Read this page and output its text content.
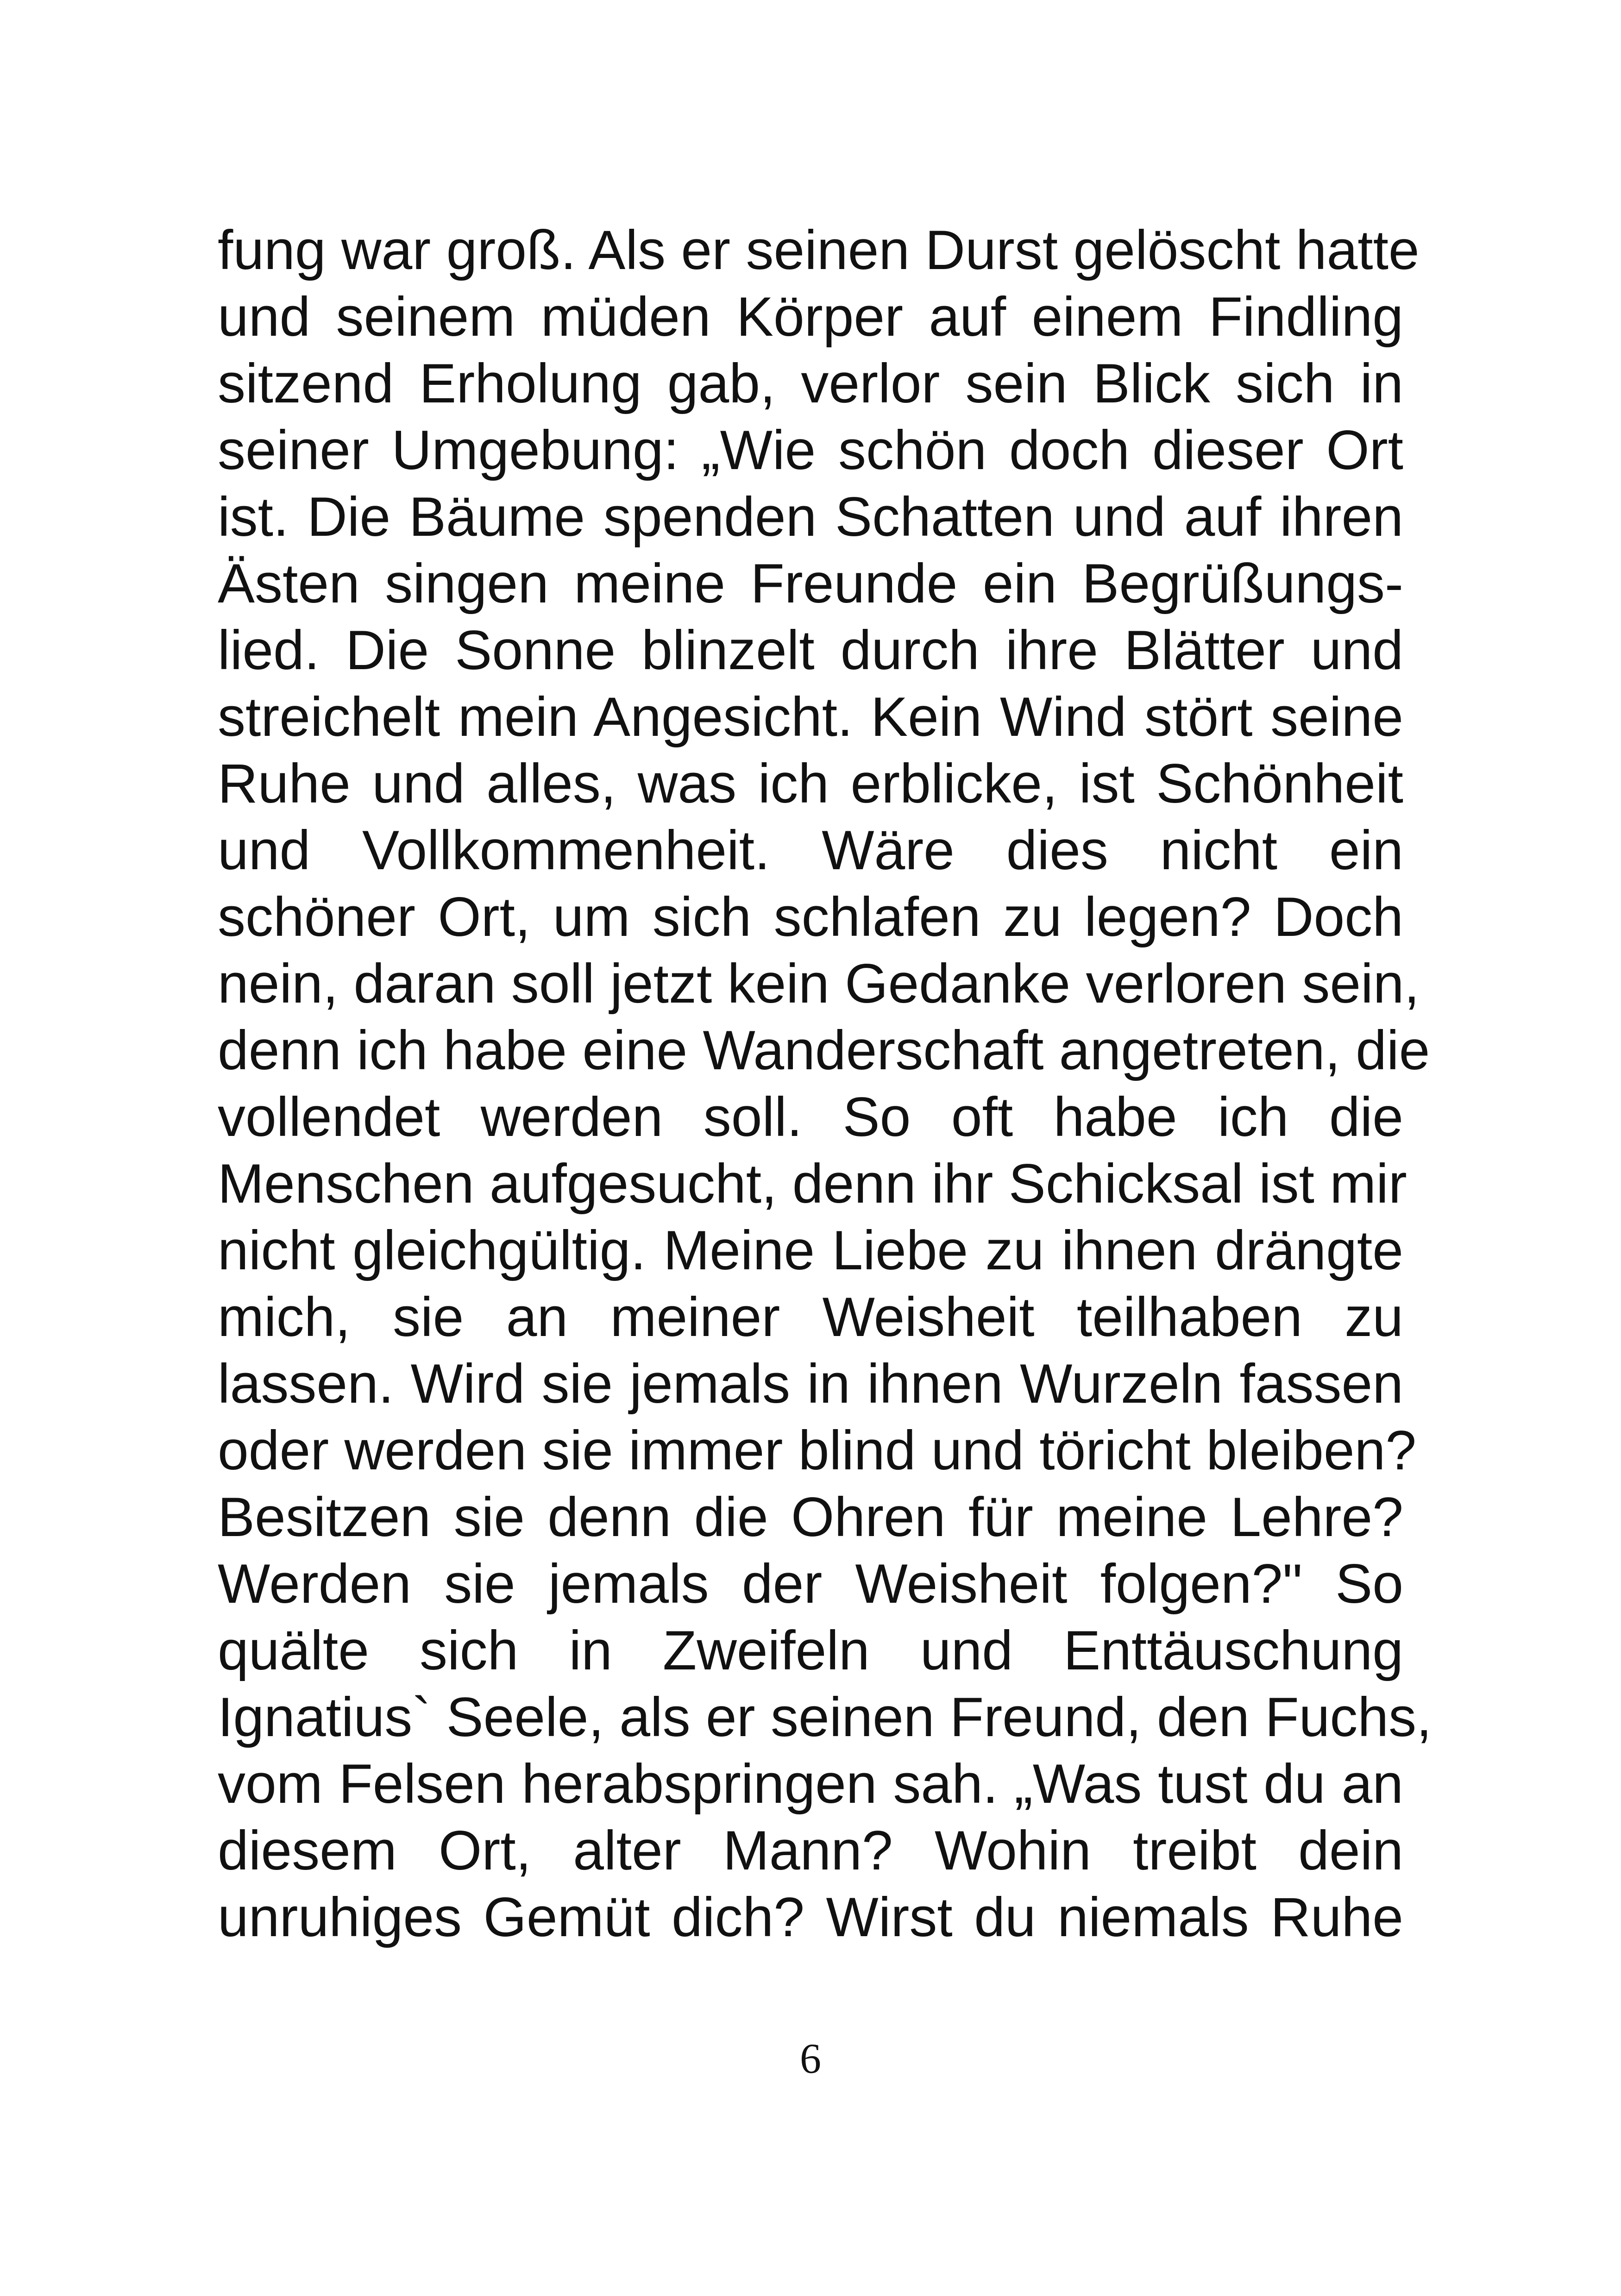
fung war groß. Als er seinen Durst gelöscht hatte
und seinem müden Körper auf einem Findling
sitzend Erholung gab, verlor sein Blick sich in
seiner Umgebung: „Wie schön doch dieser Ort
ist. Die Bäume spenden Schatten und auf ihren
Ästen singen meine Freunde ein Begrüßungs-
lied. Die Sonne blinzelt durch ihre Blätter und
streichelt mein Angesicht. Kein Wind stört seine
Ruhe und alles, was ich erblicke, ist Schönheit
und Vollkommenheit. Wäre dies nicht ein
schöner Ort, um sich schlafen zu legen? Doch
nein, daran soll jetzt kein Gedanke verloren sein,
denn ich habe eine Wanderschaft angetreten, die
vollendet werden soll. So oft habe ich die
Menschen aufgesucht, denn ihr Schicksal ist mir
nicht gleichgültig. Meine Liebe zu ihnen drängte
mich, sie an meiner Weisheit teilhaben zu
lassen. Wird sie jemals in ihnen Wurzeln fassen
oder werden sie immer blind und töricht bleiben?
Besitzen sie denn die Ohren für meine Lehre?
Werden sie jemals der Weisheit folgen?" So
quälte sich in Zweifeln und Enttäuschung
Ignatius` Seele, als er seinen Freund, den Fuchs,
vom Felsen herabspringen sah. „Was tust du an
diesem Ort, alter Mann? Wohin treibt dein
unruhiges Gemüt dich? Wirst du niemals Ruhe
6
